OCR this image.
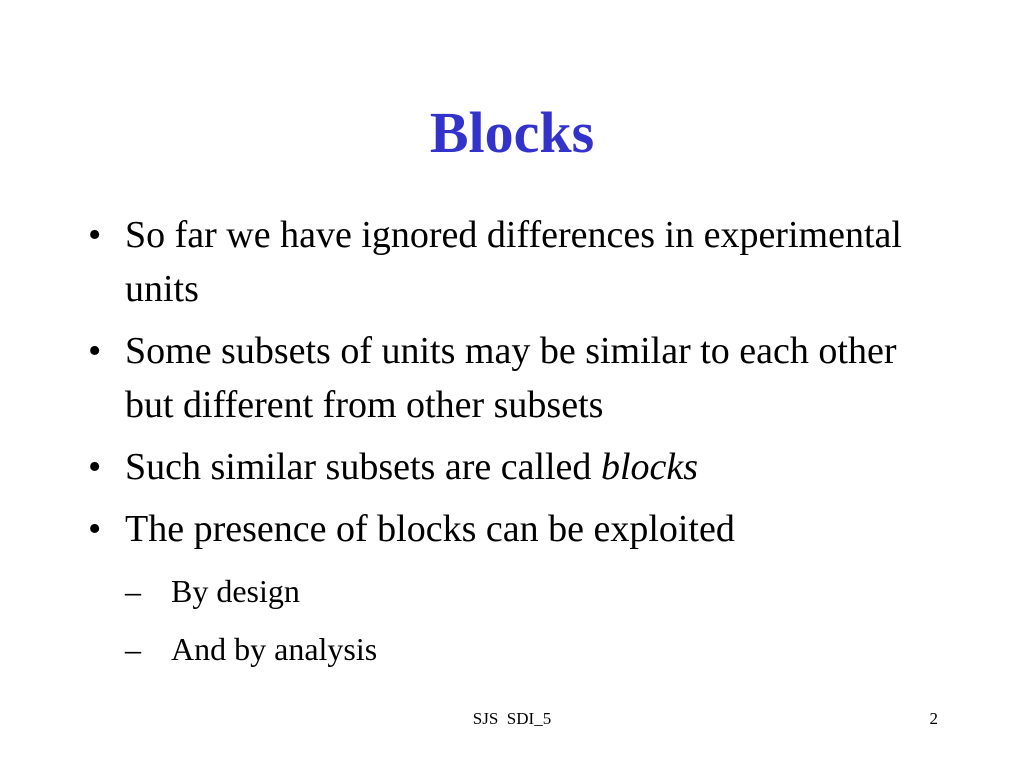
Blocks
• So far we have ignored differences in experimental units
• Some subsets of units may be similar to each other but different from other subsets
• Such similar subsets are called blocks
• The presence of blocks can be exploited
– By design
– And by analysis
SJS  SDI_5	2
